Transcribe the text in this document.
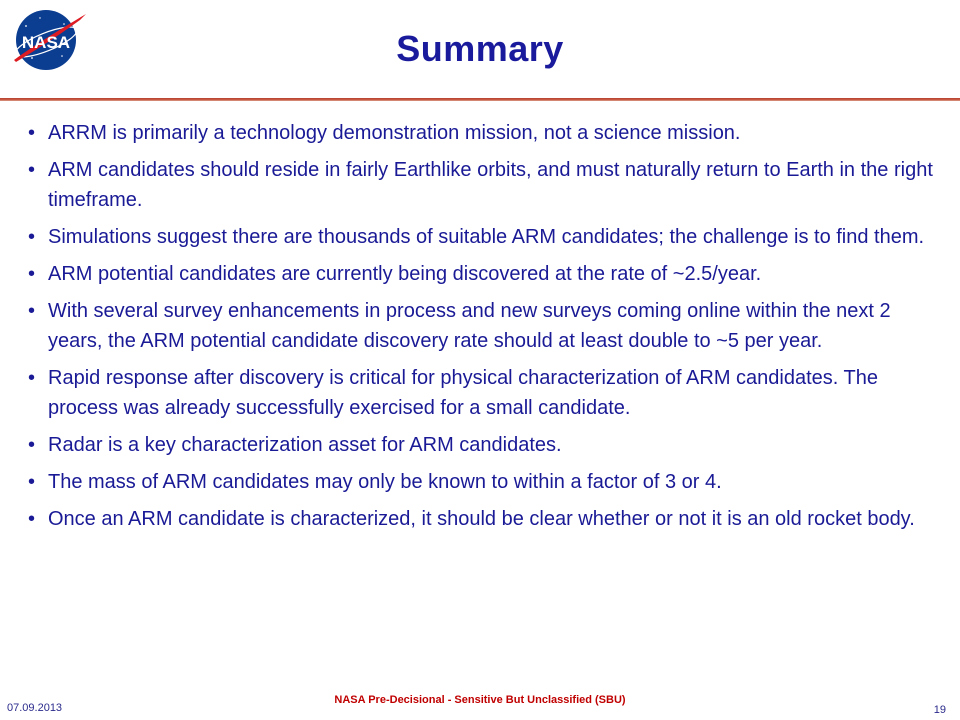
NASA	Summary
• ARRM is primarily a technology demonstration mission, not a science mission.
• ARM candidates should reside in fairly Earthlike orbits, and must naturally return to Earth in the right timeframe.
• Simulations suggest there are thousands of suitable ARM candidates; the challenge is to find them.
• ARM potential candidates are currently being discovered at the rate of ~2.5/year.
• With several survey enhancements in process and new surveys coming online within the next 2 years, the ARM potential candidate discovery rate should at least double to ~5 per year.
• Rapid response after discovery is critical for physical characterization of ARM candidates. The process was already successfully exercised for a small candidate.
• Radar is a key characterization asset for ARM candidates.
• The mass of ARM candidates may only be known to within a factor of 3 or 4.
• Once an ARM candidate is characterized, it should be clear whether or not it is an old rocket body.
07.09.2013
NASA Pre-Decisional - Sensitive But Unclassified (SBU)
19
